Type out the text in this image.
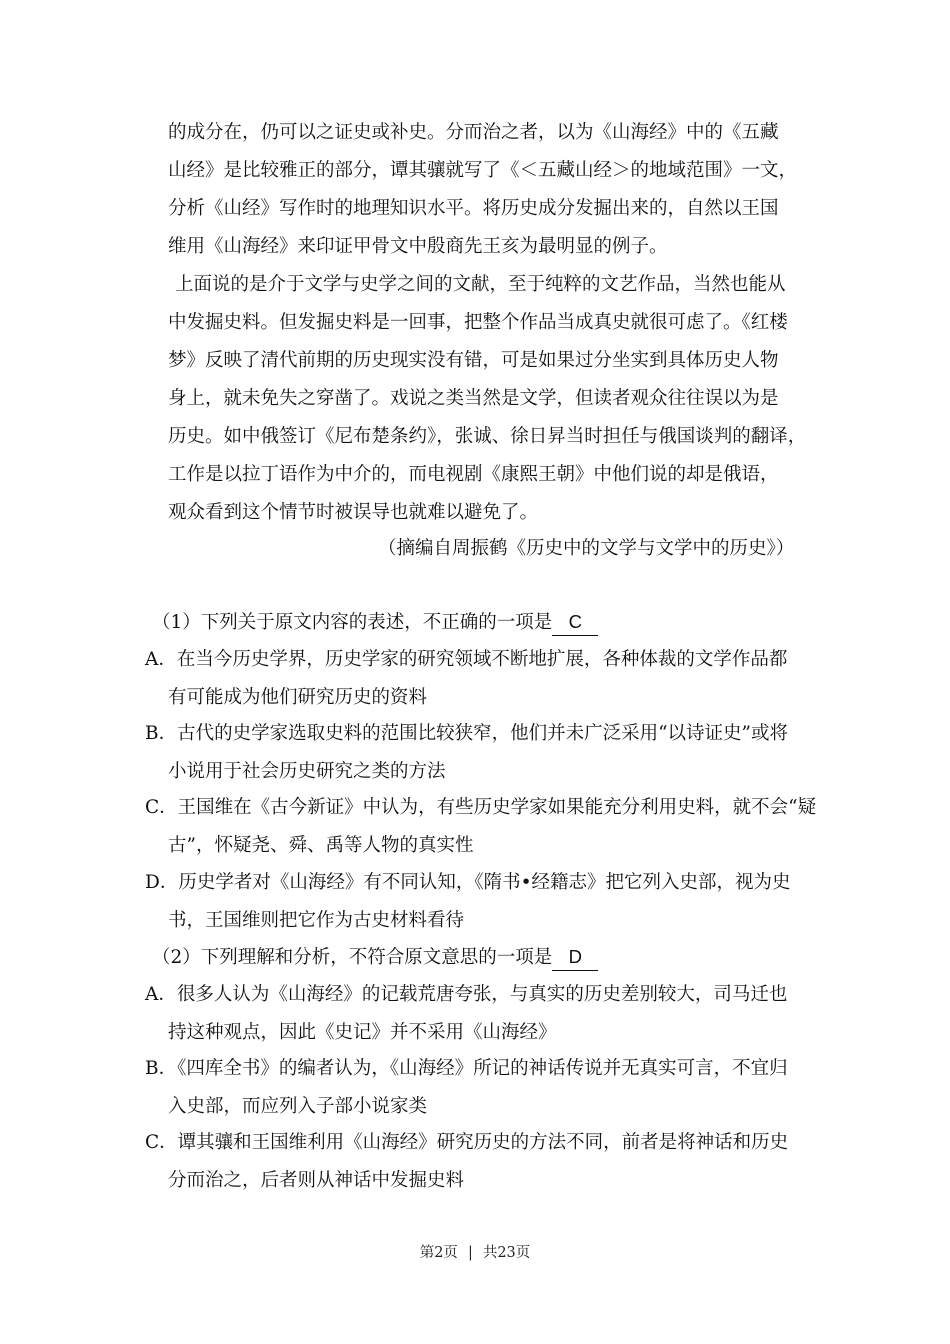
的成分在，仍可以之证史或补史。分而治之者，以为《山海经》中的《五藏

山经》是比较雅正的部分，谭其骧就写了《＜五藏山经＞的地域范围》一文，

分析《山经》写作时的地理知识水平。将历史成分发掘出来的，自然以王国

维用《山海经》来印证甲骨文中殷商先王亥为最明显的例子。

上面说的是介于文学与史学之间的文献，至于纯粹的文艺作品，当然也能从

中发掘史料。但发掘史料是一回事，把整个作品当成真史就很可虑了。《红楼

梦》反映了清代前期的历史现实没有错，可是如果过分坐实到具体历史人物

身上，就未免失之穿凿了。戏说之类当然是文学，但读者观众往往误以为是

历史。如中俄签订《尼布楚条约》，张诚、徐日昇当时担任与俄国谈判的翻译，

工作是以拉丁语作为中介的，而电视剧《康熙王朝》中他们说的却是俄语，

观众看到这个情节时被误导也就难以避免了。

（摘编自周振鹤《历史中的文学与文学中的历史》）

（1）下列关于原文内容的表述，不正确的一项是 C

A．在当今历史学界，历史学家的研究领域不断地扩展，各种体裁的文学作品都

有可能成为他们研究历史的资料

B．古代的史学家选取史料的范围比较狭窄，他们并未广泛采用“以诗证史”或将

小说用于社会历史研究之类的方法

C．王国维在《古今新证》中认为，有些历史学家如果能充分利用史料，就不会“疑

古”，怀疑尧、舜、禹等人物的真实性

D．历史学者对《山海经》有不同认知，《隋书•经籍志》把它列入史部，视为史

书，王国维则把它作为古史材料看待

（2）下列理解和分析，不符合原文意思的一项是 D

A．很多人认为《山海经》的记载荒唐夸张，与真实的历史差别较大，司马迁也

持这种观点，因此《史记》并不采用《山海经》

B．《四库全书》的编者认为，《山海经》所记的神话传说并无真实可言，不宜归

入史部，而应列入子部小说家类

C．谭其骧和王国维利用《山海经》研究历史的方法不同，前者是将神话和历史

分而治之，后者则从神话中发掘史料

第2页 | 共23页
